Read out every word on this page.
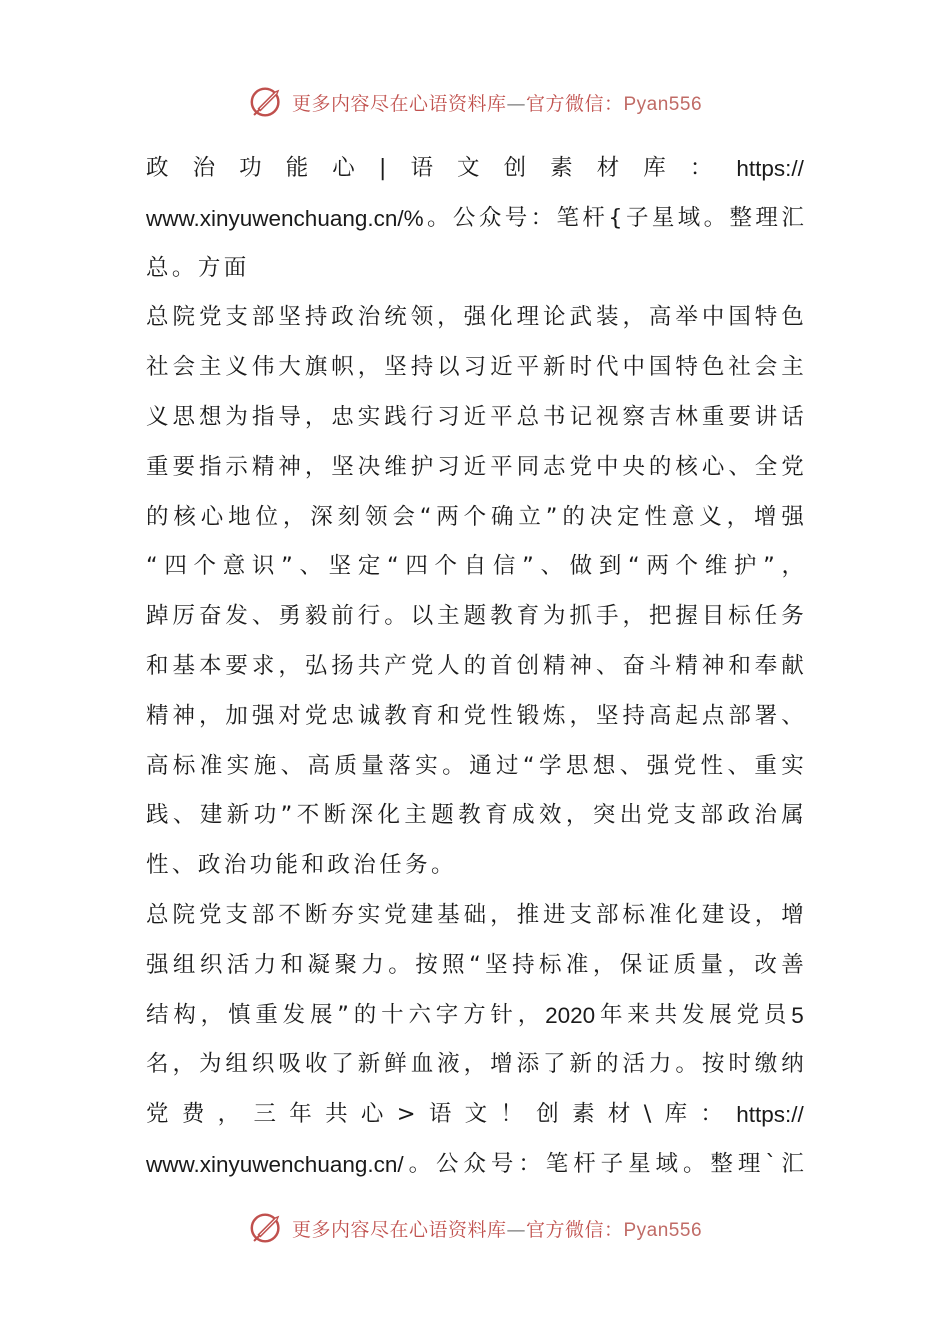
更多内容尽在心语资料库—官方微信：Pyan556
政 治 功 能 心 | 语 文 创 素 材 库 ： https://
www.xinyuwenchuang.cn/% 。 公 众 号 ： 笔 杆 { 子 星 域 。 整 理 汇
总 。 方 面
总 院 党 支 部 坚 持 政 治 统 领 ， 强 化 理 论 武 装 ， 高 举 中 国 特 色
社 会 主 义 伟 大 旗 帜 ， 坚 持 以 习 近 平 新 时 代 中 国 特 色 社 会 主
义 思 想 为 指 导 ， 忠 实 践 行 习 近 平 总 书 记 视 察 吉 林 重 要 讲 话
重 要 指 示 精 神 ， 坚 决 维 护 习 近 平 同 志 党 中 央 的 核 心 、 全 党
的 核 心 地 位 ， 深 刻 领 会 “ 两 个 确 立 ” 的 决 定 性 意 义 ， 增 强
“ 四 个 意 识 ” 、 坚 定 “ 四 个 自 信 ” 、 做 到 “ 两 个 维 护 ” ，
踔 厉 奋 发 、 勇 毅 前 行 。 以 主 题 教 育 为 抓 手 ， 把 握 目 标 任 务
和 基 本 要 求 ， 弘 扬 共 产 党 人 的 首 创 精 神 、 奋 斗 精 神 和 奉 献
精 神 ， 加 强 对 党 忠 诚 教 育 和 党 性 锻 炼 ， 坚 持 高 起 点 部 署 、
高 标 准 实 施 、 高 质 量 落 实 。 通 过 “ 学 思 想 、 强 党 性 、 重 实
践 、 建 新 功 ” 不 断 深 化 主 题 教 育 成 效 ， 突 出 党 支 部 政 治 属
性 、 政 治 功 能 和 政 治 任 务 。
总 院 党 支 部 不 断 夯 实 党 建 基 础 ， 推 进 支 部 标 准 化 建 设 ， 增
强 组 织 活 力 和 凝 聚 力 。 按 照 “ 坚 持 标 准 ， 保 证 质 量 ， 改 善
结 构 ， 慎 重 发 展 ” 的 十 六 字 方 针 ， 2020 年 来 共 发 展 党 员 5
名 ， 为 组 织 吸 收 了 新 鲜 血 液 ， 增 添 了 新 的 活 力 。 按 时 缴 纳
党 费 ， 三 年 共 心 > 语 文 ！ 创 素 材 \ 库 ： https://
www.xinyuwenchuang.cn/ 。 公 众 号 ： 笔 杆 子 星 域 。 整 理 ` 汇
更多内容尽在心语资料库—官方微信：Pyan556
